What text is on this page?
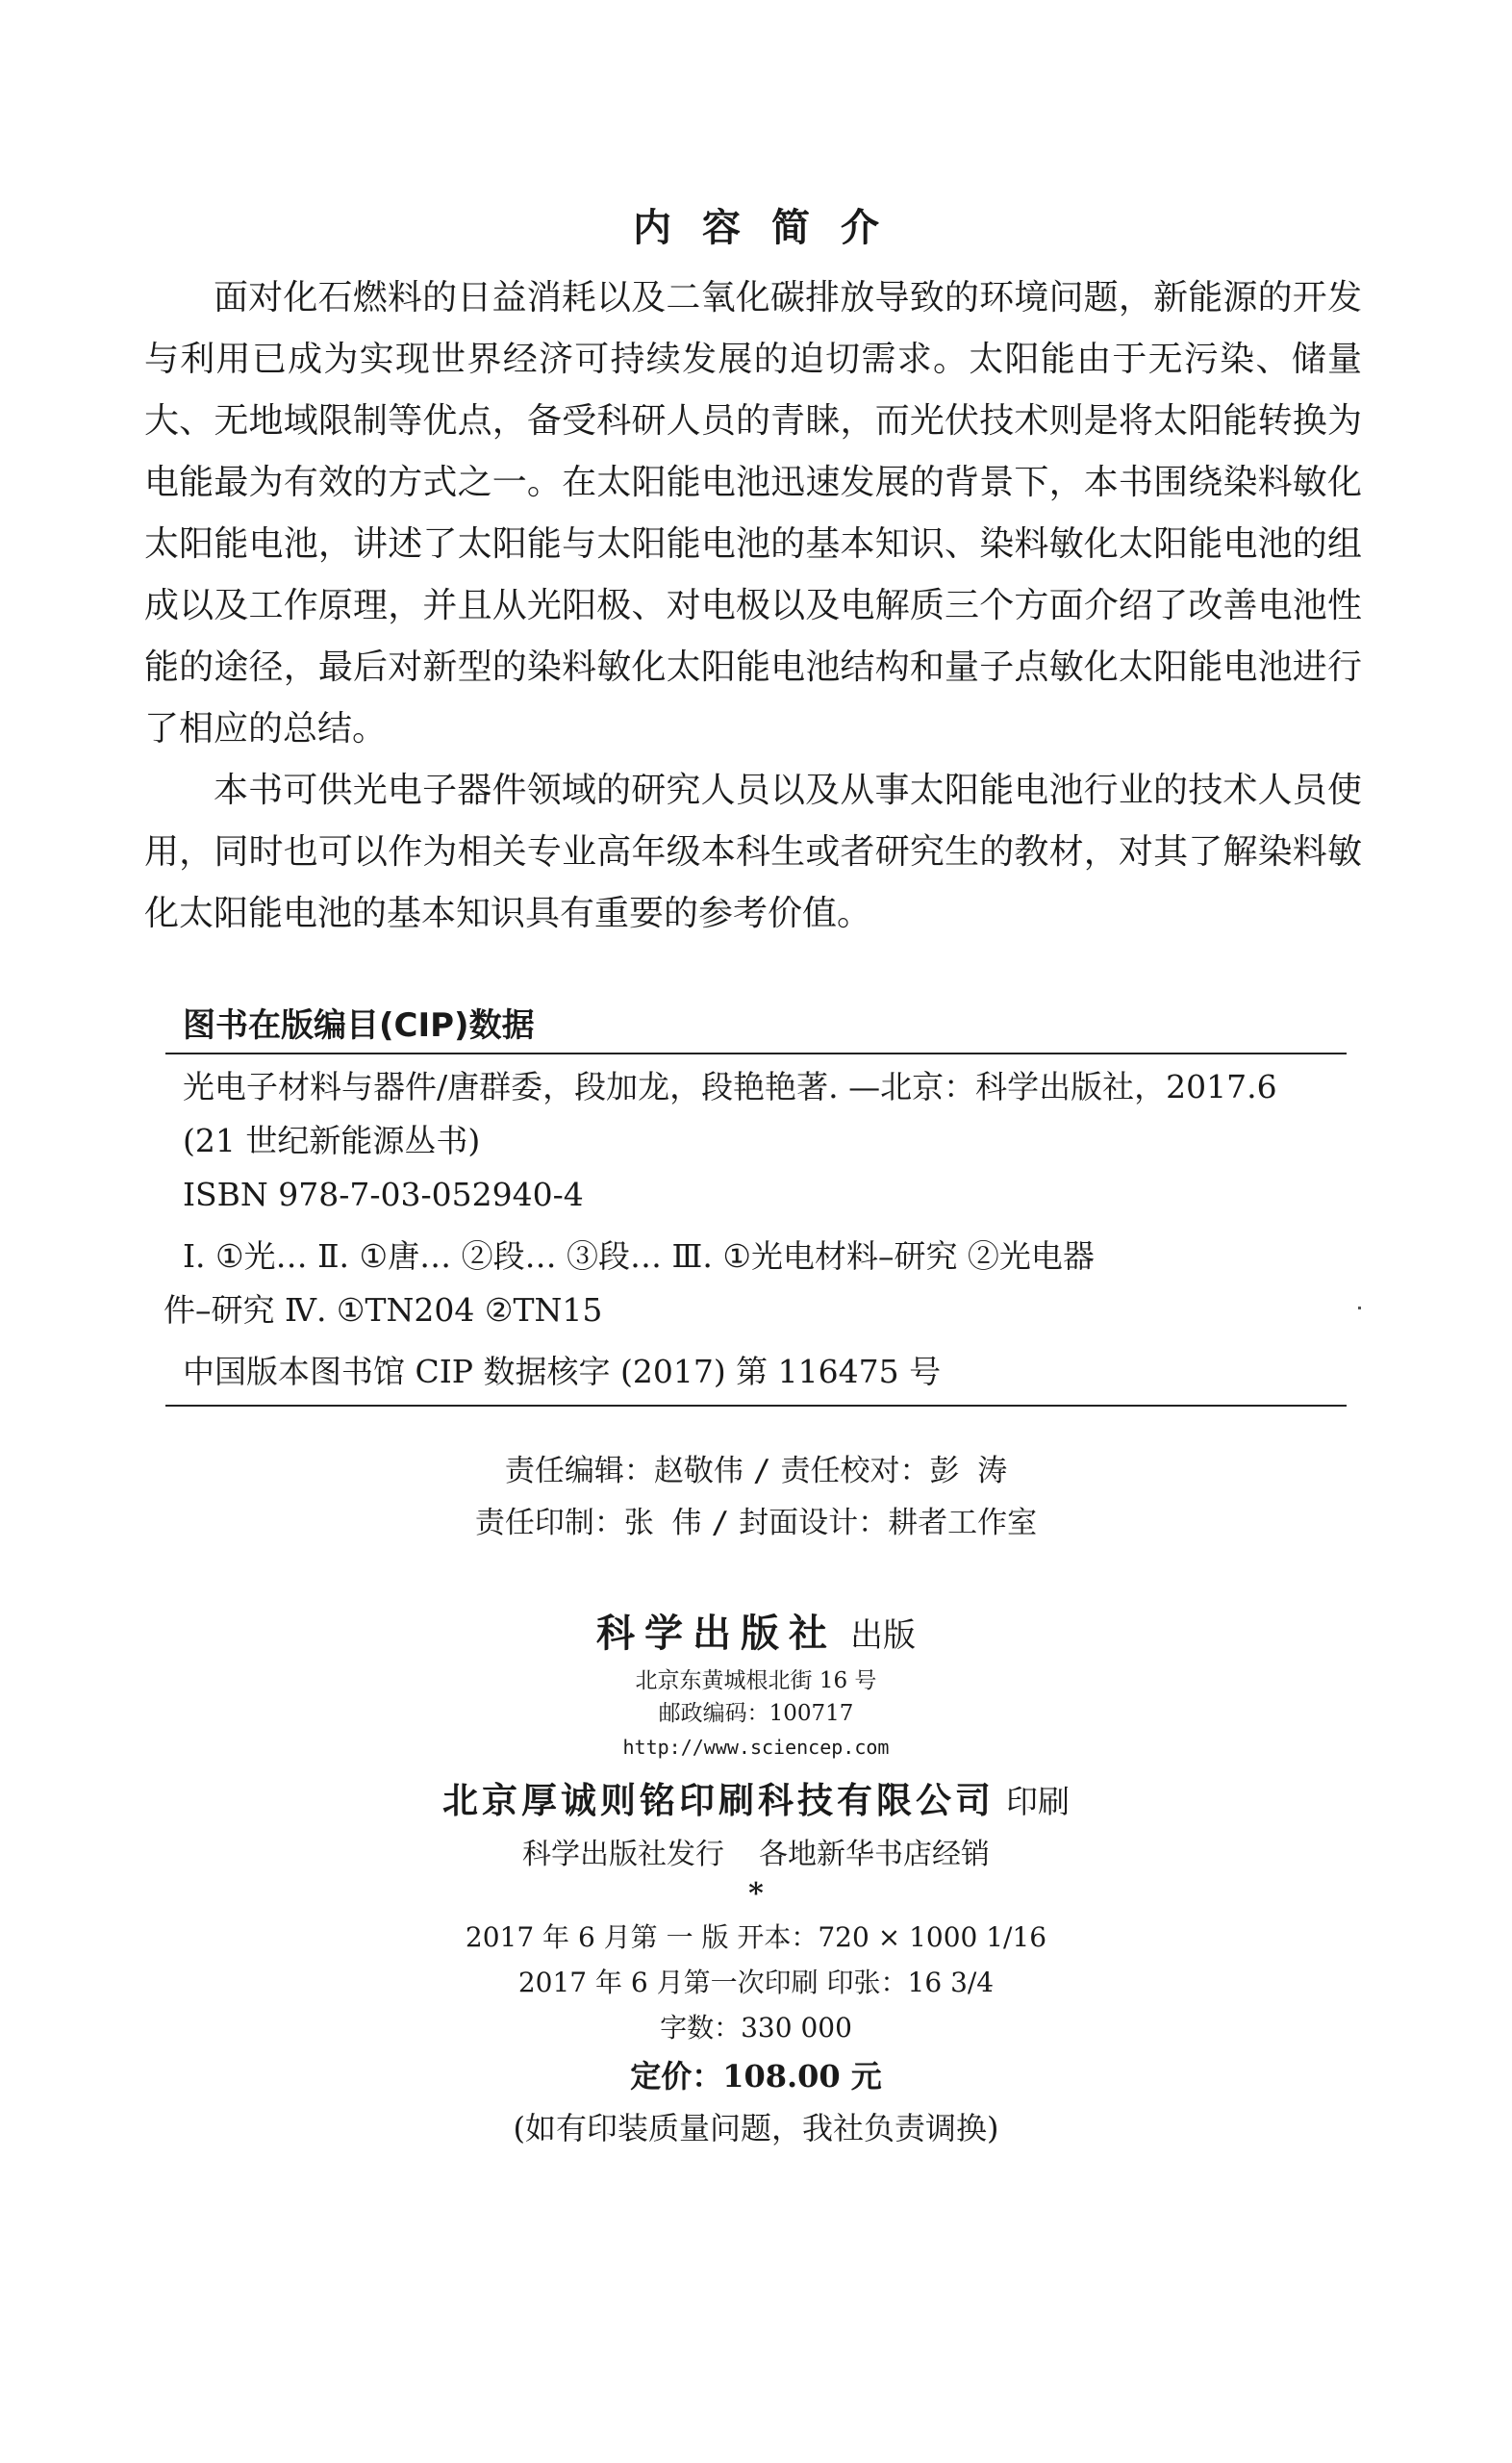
内容简介

面对化石燃料的日益消耗以及二氧化碳排放导致的环境问题，新能源的开发与利用已成为实现世界经济可持续发展的迫切需求。太阳能由于无污染、储量大、无地域限制等优点，备受科研人员的青睐，而光伏技术则是将太阳能转换为电能最为有效的方式之一。在太阳能电池迅速发展的背景下，本书围绕染料敏化太阳能电池，讲述了太阳能与太阳能电池的基本知识、染料敏化太阳能电池的组成以及工作原理，并且从光阳极、对电极以及电解质三个方面介绍了改善电池性能的途径，最后对新型的染料敏化太阳能电池结构和量子点敏化太阳能电池进行了相应的总结。

本书可供光电子器件领域的研究人员以及从事太阳能电池行业的技术人员使用，同时也可以作为相关专业高年级本科生或者研究生的教材，对其了解染料敏化太阳能电池的基本知识具有重要的参考价值。

图书在版编目(CIP)数据
光电子材料与器件/唐群委，段加龙，段艳艳著. —北京：科学出版社，2017.6
(21 世纪新能源丛书)
ISBN 978-7-03-052940-4
Ⅰ. ①光… Ⅱ. ①唐… ②段… ③段… Ⅲ. ①光电材料–研究 ②光电器
件–研究 Ⅳ. ①TN204 ②TN15
中国版本图书馆 CIP 数据核字 (2017) 第 116475 号
责任编辑：赵敬伟 / 责任校对：彭 涛
责任印制：张 伟 / 封面设计：耕者工作室
科学出版社 出版
北京东黄城根北街 16 号
邮政编码：100717
http://www.sciencep.com
北京厚诚则铭印刷科技有限公司 印刷
科学出版社发行 各地新华书店经销
*
2017 年 6 月第 一 版 开本：720 × 1000 1/16
2017 年 6 月第一次印刷 印张：16 3/4
字数：330 000
定价：108.00 元
(如有印装质量问题，我社负责调换)
